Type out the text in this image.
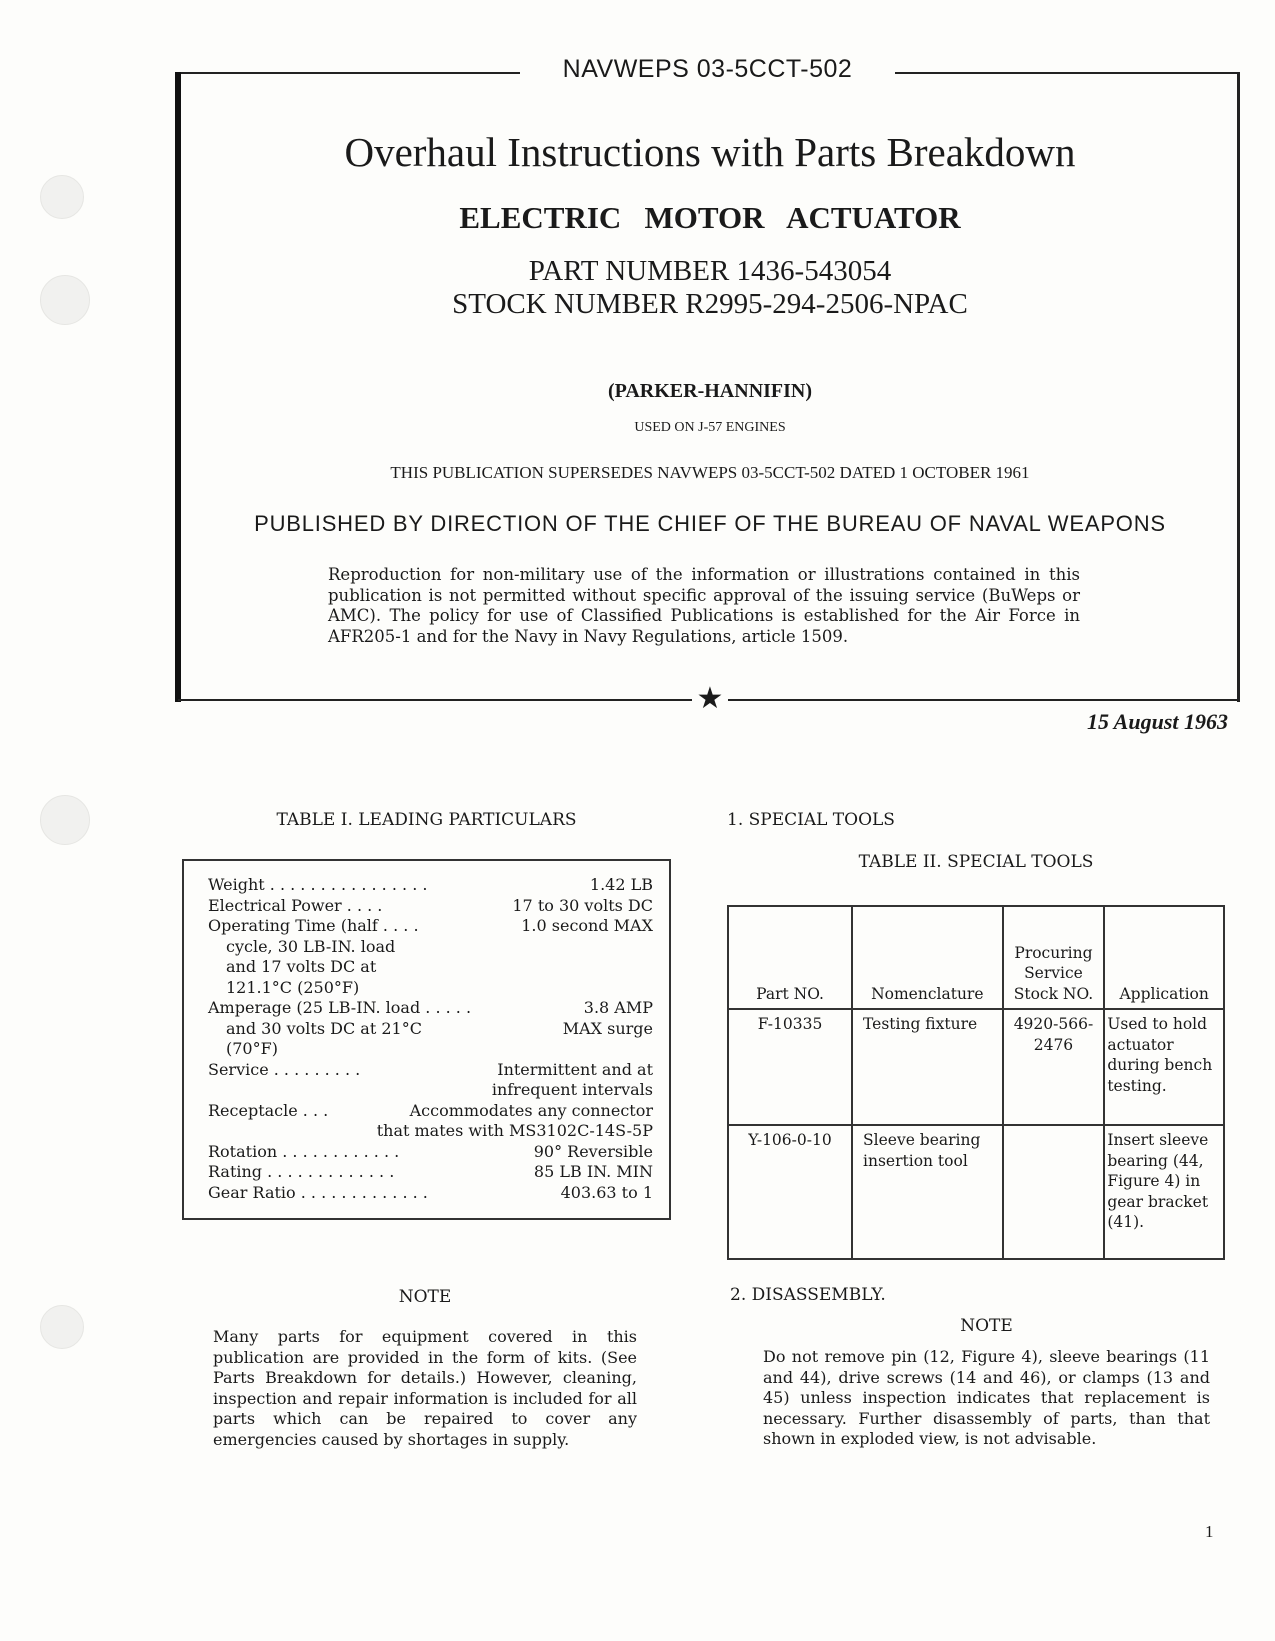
NAVWEPS 03-5CCT-502
★
Overhaul Instructions with Parts Breakdown
ELECTRIC   MOTOR   ACTUATOR
PART NUMBER 1436-543054
STOCK NUMBER R2995-294-2506-NPAC
(PARKER-HANNIFIN)
USED ON J-57 ENGINES
THIS PUBLICATION SUPERSEDES NAVWEPS 03-5CCT-502 DATED 1 OCTOBER 1961
PUBLISHED BY DIRECTION OF THE CHIEF OF THE BUREAU OF NAVAL WEAPONS
Reproduction for non-military use of the information or illustrations contained in this publication is not permitted without specific approval of the issuing service (BuWeps or AMC). The policy for use of Classified Publications is established for the Air Force in AFR205-1 and for the Navy in Navy Regulations, article 1509.
15 August 1963
TABLE I. LEADING PARTICULARS
Weight . . . . . . . . . . . . . . . .	1.42 LB
Electrical Power . . . .	17 to 30 volts DC
Operating Time (half . . . .	1.0 second MAX
cycle, 30 LB-IN. load
and 17 volts DC at
121.1°C (250°F)
Amperage (25 LB-IN. load . . . . .	3.8 AMP
and 30 volts DC at 21°C	MAX surge
(70°F)
Service . . . . . . . . .	Intermittent and at
infrequent intervals
Receptacle . . .	Accommodates any connector
that mates with MS3102C-14S-5P
Rotation . . . . . . . . . . . .	90° Reversible
Rating . . . . . . . . . . . . .	85 LB IN. MIN
Gear Ratio . . . . . . . . . . . . .	403.63 to 1
1. SPECIAL TOOLS
TABLE II. SPECIAL TOOLS
Part NO.	Nomenclature	Procuring Service Stock NO.	Application
F-10335	Testing fixture	4920-566-2476	Used to hold actuator during bench testing.
Y-106-0-10	Sleeve bearing insertion tool		Insert sleeve bearing (44, Figure 4) in gear bracket (41).
NOTE
Many parts for equipment covered in this publication are provided in the form of kits. (See Parts Breakdown for details.) However, cleaning, inspection and repair information is included for all parts which can be repaired to cover any emergencies caused by shortages in supply.
2. DISASSEMBLY.
NOTE
Do not remove pin (12, Figure 4), sleeve bearings (11 and 44), drive screws (14 and 46), or clamps (13 and 45) unless inspection indicates that replacement is necessary. Further disassembly of parts, than that shown in exploded view, is not advisable.
1
